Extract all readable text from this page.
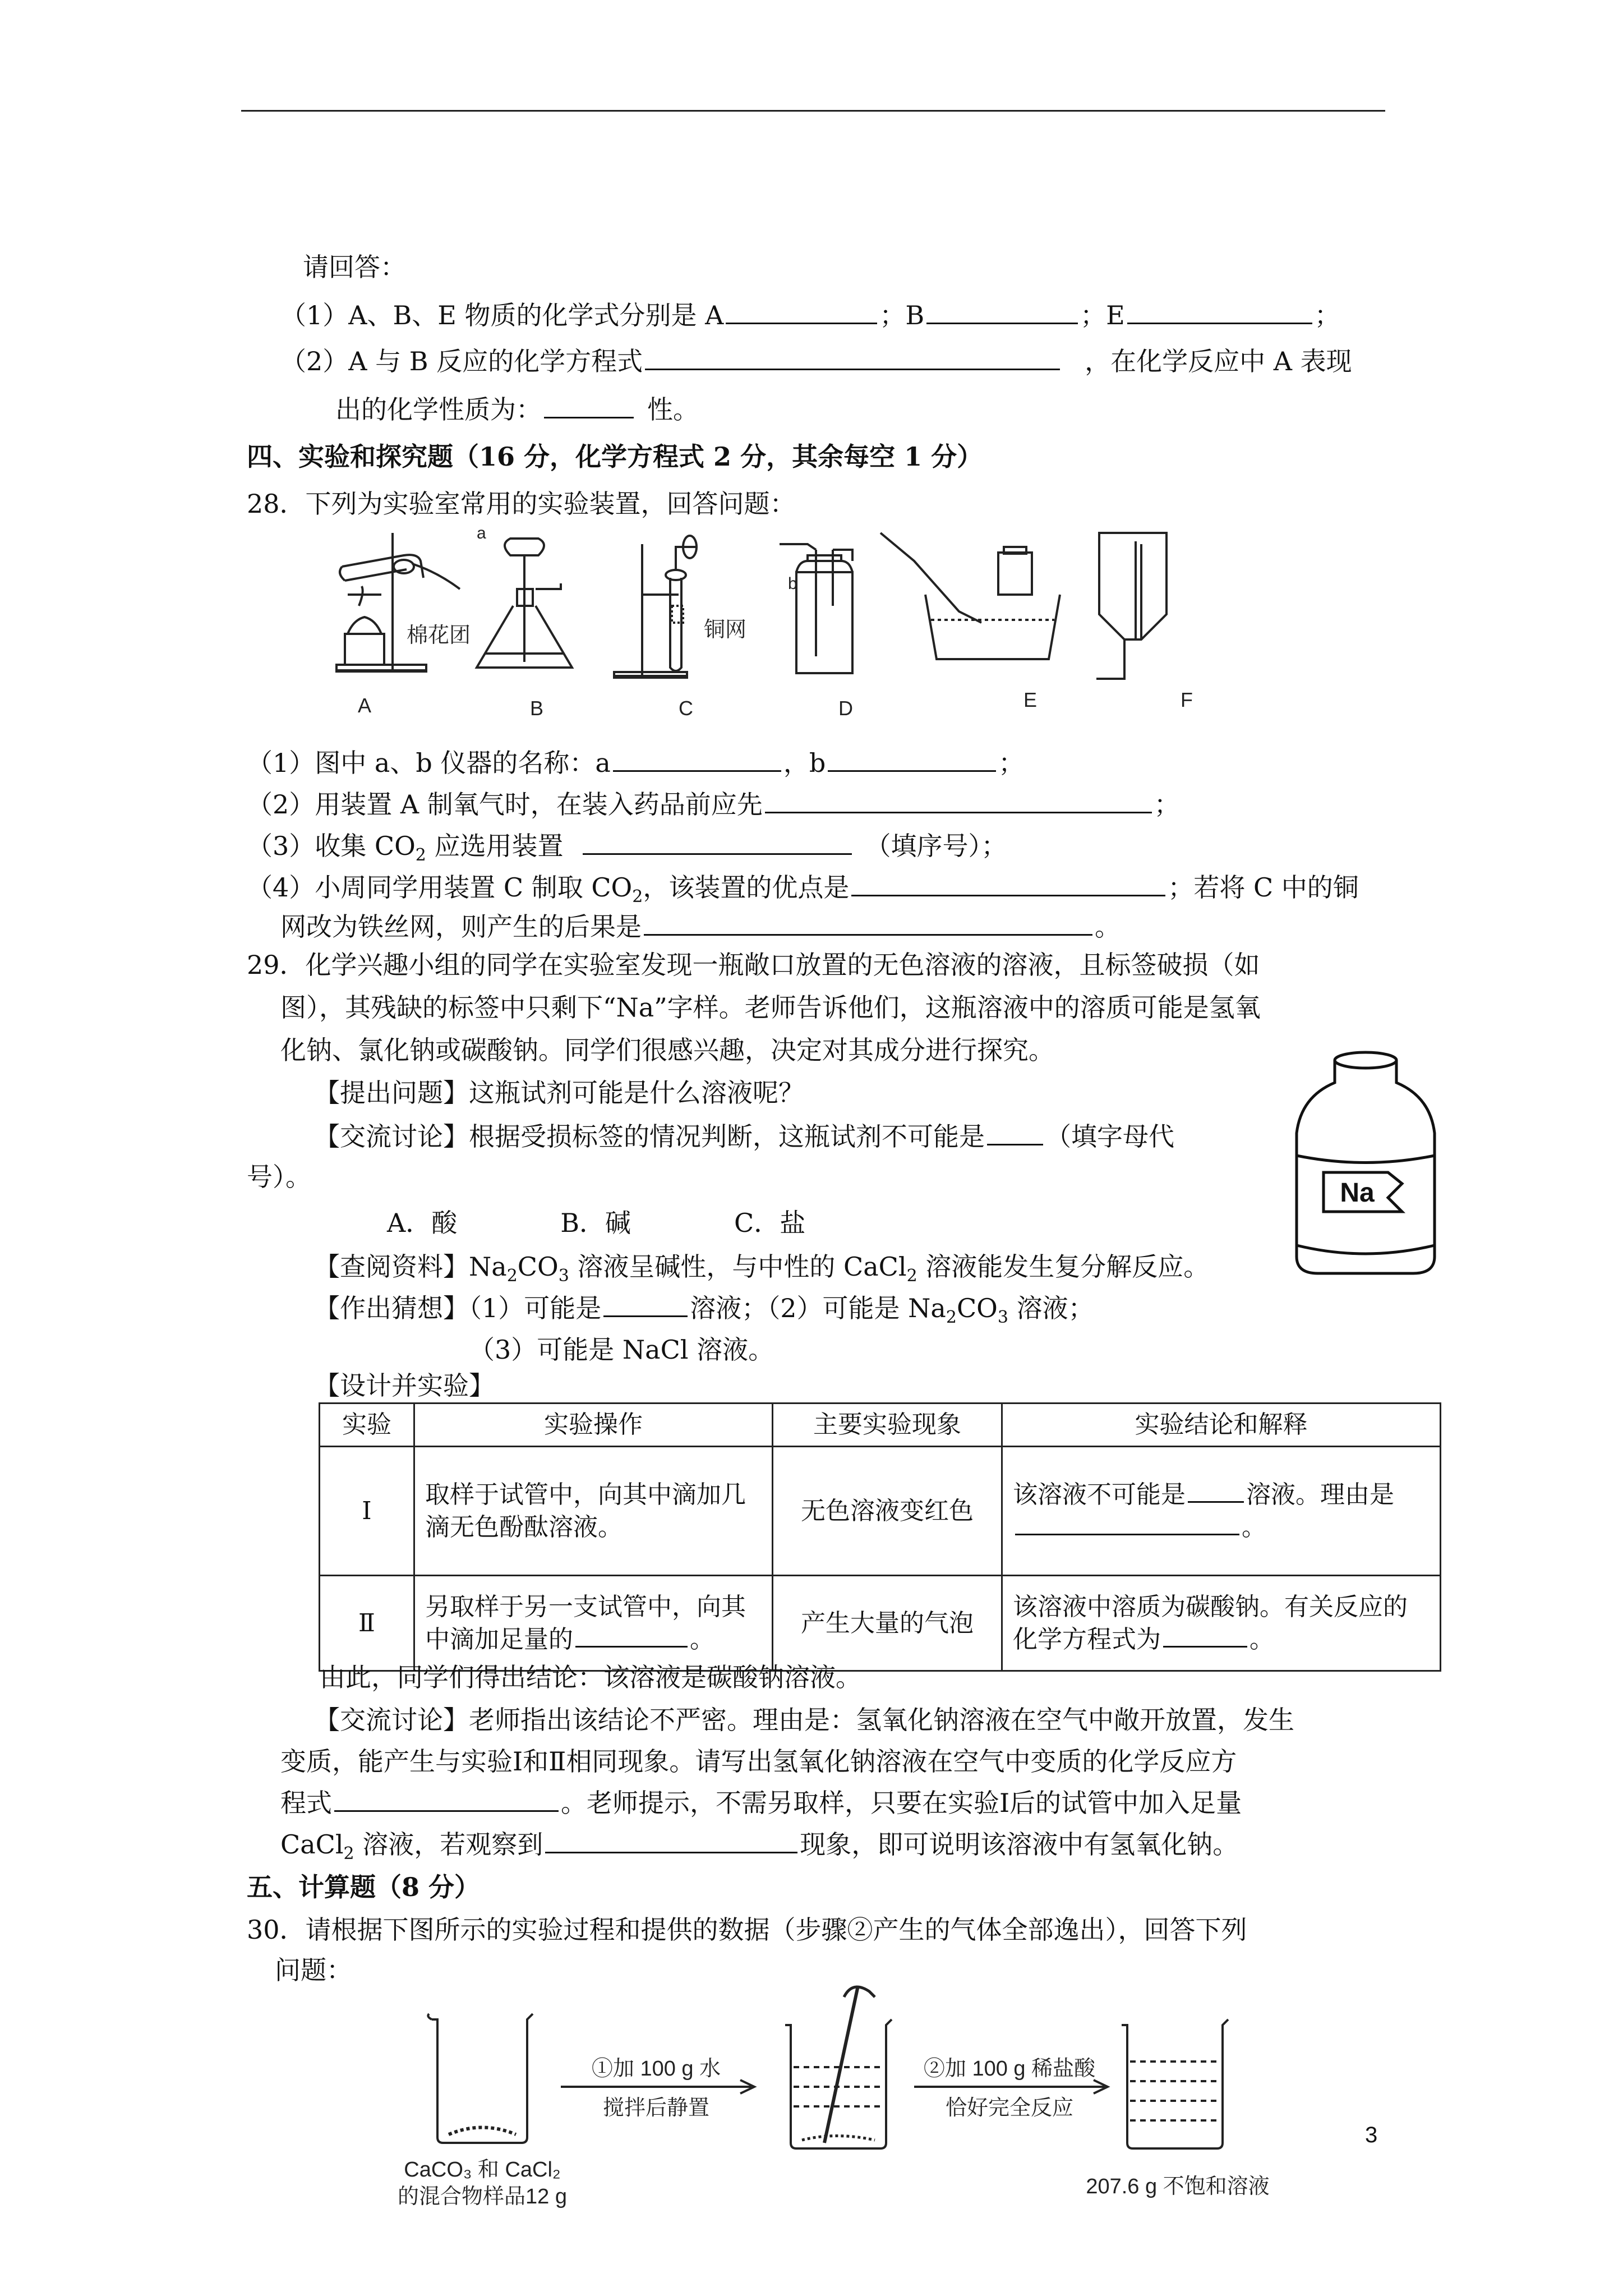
请回答：
（1）A、B、E 物质的化学式分别是 A	；B	；E	；
（2）A 与 B 反应的化学方程式	，在化学反应中 A 表现
出的化学性质为：	性。
四、实验和探究题（16 分，化学方程式 2 分，其余每空 1 分）
28．下列为实验室常用的实验装置，回答问题：
A	B	C	D	E	F
棉花团	铜网
a
b
（1）图中 a、b 仪器的名称：a	，b	；
（2）用装置 A 制氧气时，在装入药品前应先	；
（3）收集 $CO_2$ 应选用装置	（填序号）；
（4）小周同学用装置 C 制取 $CO_2$，该装置的优点是	；若将 C 中的铜
网改为铁丝网，则产生的后果是	。
29．化学兴趣小组的同学在实验室发现一瓶敞口放置的无色溶液的溶液，且标签破损（如
图），其残缺的标签中只剩下“Na”字样。老师告诉他们，这瓶溶液中的溶质可能是氢氧
化钠、氯化钠或碳酸钠。同学们很感兴趣，决定对其成分进行探究。
【提出问题】这瓶试剂可能是什么溶液呢？
【交流讨论】根据受损标签的情况判断，这瓶试剂不可能是 （填字母代
号）。
A．酸　　　　B．碱　　　　C．盐
【查阅资料】$Na_2CO_3$ 溶液呈碱性，与中性的 CaCl$_2$ 溶液能发生复分解反应。
【作出猜想】（1）可能是	溶液；（2）可能是 $Na_2CO_3$ 溶液；
（3）可能是 NaCl 溶液。
【设计并实验】
Na
实验	实验操作	主要实验现象	实验结论和解释
Ⅰ	取样于试管中，向其中滴加几滴无色酚酞溶液。	无色溶液变红色	该溶液不可能是 溶液。理由是。
Ⅱ	另取样于另一支试管中，向其中滴加足量的 。	产生大量的气泡	该溶液中溶质为碳酸钠。有关反应的化学方程式为 。
由此，同学们得出结论：该溶液是碳酸钠溶液。
【交流讨论】老师指出该结论不严密。理由是：氢氧化钠溶液在空气中敞开放置，发生
变质，能产生与实验Ⅰ和Ⅱ相同现象。请写出氢氧化钠溶液在空气中变质的化学反应方
程式	。老师提示，不需另取样，只要在实验Ⅰ后的试管中加入足量
CaCl$_2$ 溶液，若观察到	现象，即可说明该溶液中有氢氧化钠。
五、计算题（8 分）
30．请根据下图所示的实验过程和提供的数据（步骤②产生的气体全部逸出），回答下列
问题：
①加 100 g 水
搅拌后静置
②加 100 g 稀盐酸
恰好完全反应
CaCO₃ 和 CaCl₂
的混合物样品12 g	207.6 g 不饱和溶液
3
